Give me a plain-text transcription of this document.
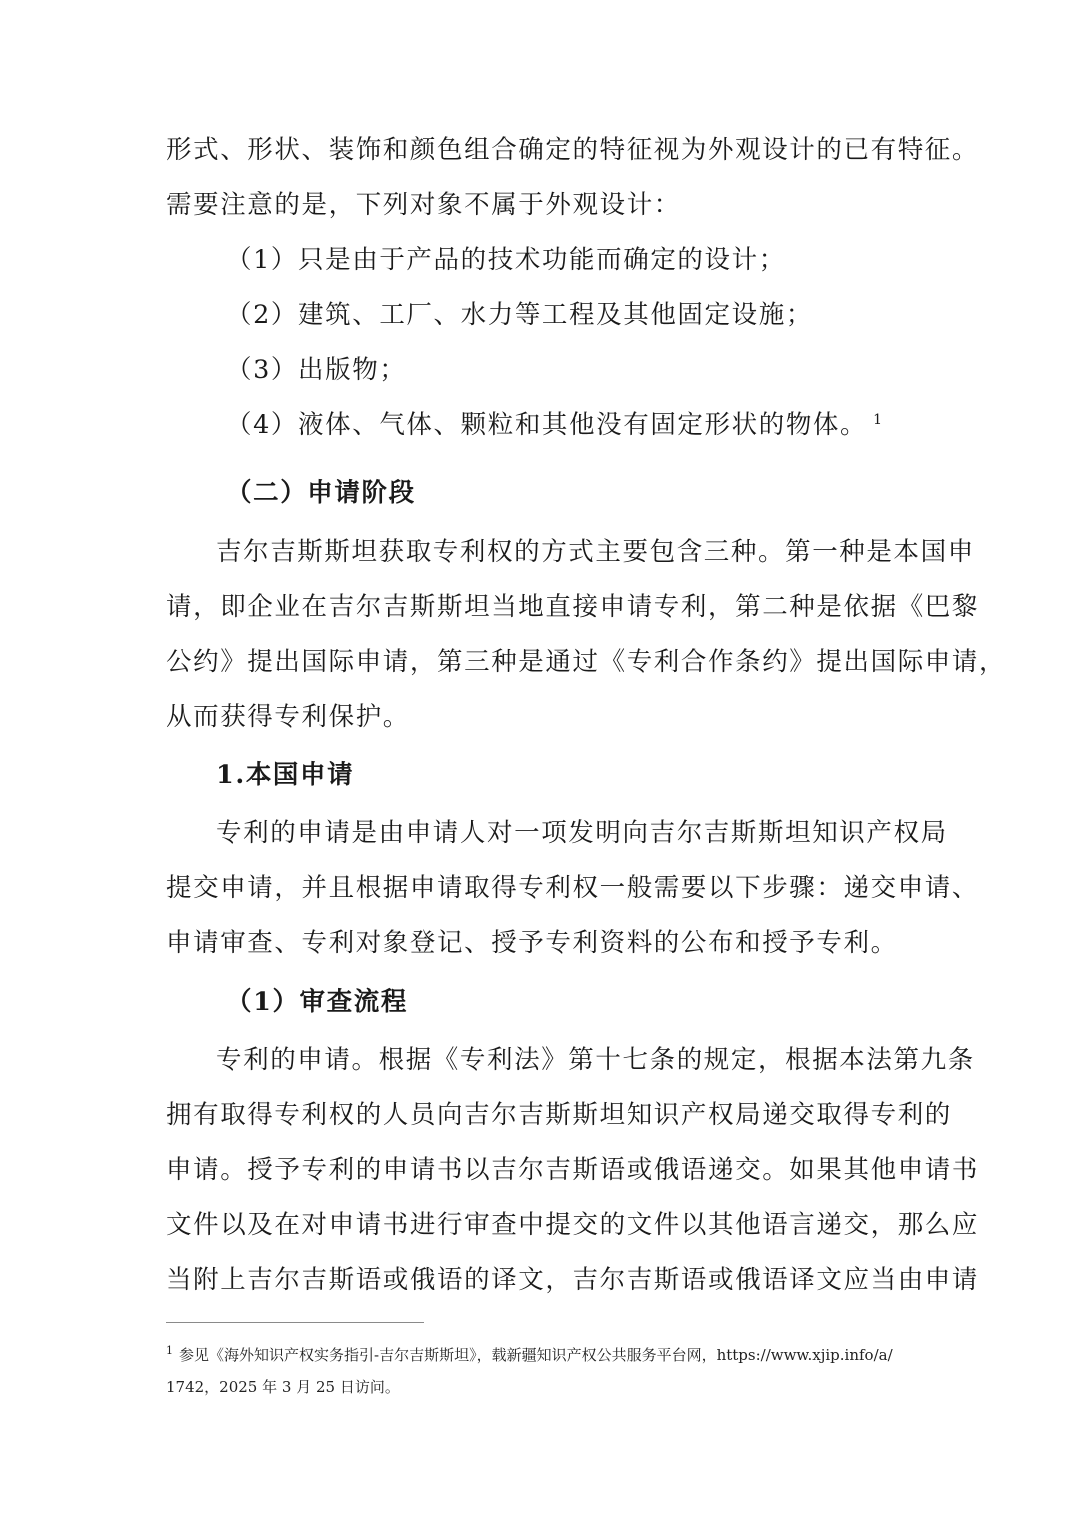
形式、形状、装饰和颜色组合确定的特征视为外观设计的已有特征。
需要注意的是，下列对象不属于外观设计：
（1）只是由于产品的技术功能而确定的设计；
（2）建筑、工厂、水力等工程及其他固定设施；
（3）出版物；
（4）液体、气体、颗粒和其他没有固定形状的物体。 $^1$
（二）申请阶段
吉尔吉斯斯坦获取专利权的方式主要包含三种。第一种是本国申
请，即企业在吉尔吉斯斯坦当地直接申请专利，第二种是依据《巴黎
公约》提出国际申请，第三种是通过《专利合作条约》提出国际申请，
从而获得专利保护。
1.本国申请
专利的申请是由申请人对一项发明向吉尔吉斯斯坦知识产权局
提交申请，并且根据申请取得专利权一般需要以下步骤：递交申请、
申请审查、专利对象登记、授予专利资料的公布和授予专利。
（1）审查流程
专利的申请。根据《专利法》第十七条的规定，根据本法第九条
拥有取得专利权的人员向吉尔吉斯斯坦知识产权局递交取得专利的
申请。授予专利的申请书以吉尔吉斯语或俄语递交。如果其他申请书
文件以及在对申请书进行审查中提交的文件以其他语言递交，那么应
当附上吉尔吉斯语或俄语的译文，吉尔吉斯语或俄语译文应当由申请
$^1$ 参见《海外知识产权实务指引-吉尔吉斯斯坦》，载新疆知识产权公共服务平台网，https://www.xjip.info/a/
1742，2025 年 3 月 25 日访问。
